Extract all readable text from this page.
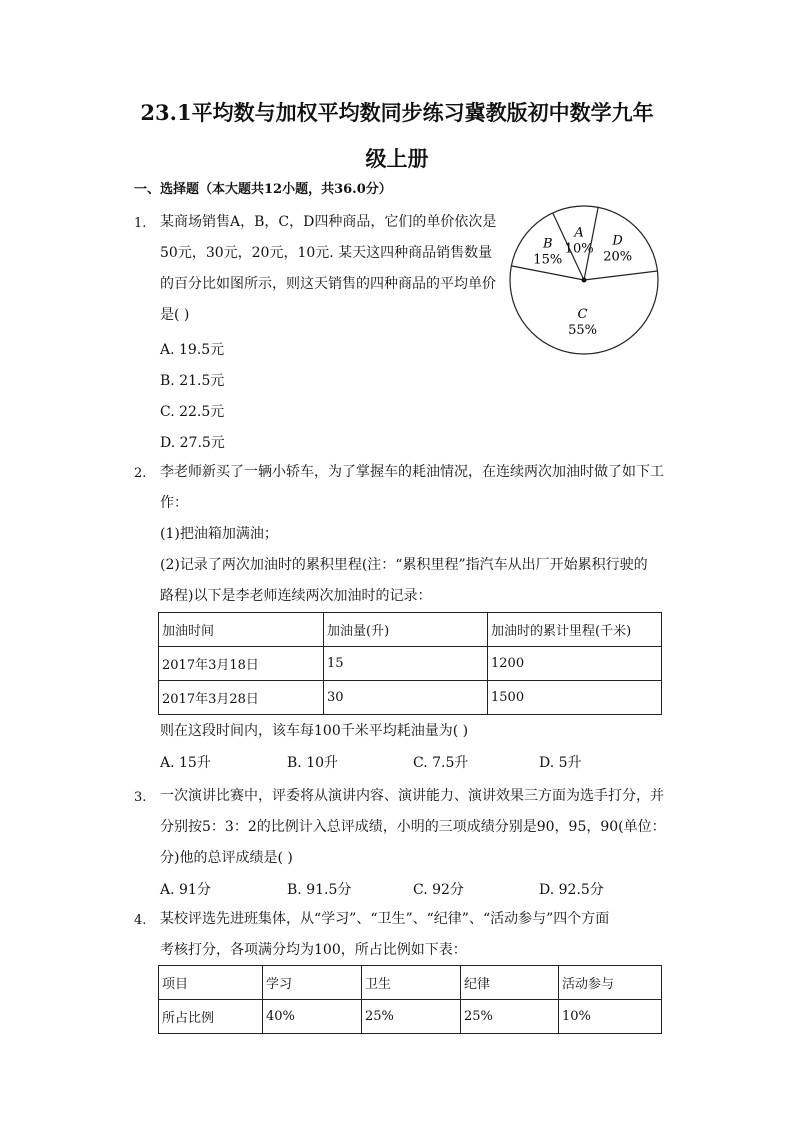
23.1平均数与加权平均数同步练习冀教版初中数学九年
级上册
一、选择题（本大题共12小题，共36.0分）
1. 某商场销售A，B，C，D四种商品，它们的单价依次是
50元，30元，20元，10元. 某天这四种商品销售数量
的百分比如图所示，则这天销售的四种商品的平均单价
是( )
A. 19.5元
B. 21.5元
C. 22.5元
D. 27.5元
A
10%
D
20%
C
55%
B
15%
2. 李老师新买了一辆小轿车，为了掌握车的耗油情况，在连续两次加油时做了如下工
作：
(1)把油箱加满油；
(2)记录了两次加油时的累积里程(注：“累积里程”指汽车从出厂开始累积行驶的
路程)以下是李老师连续两次加油时的记录：
加油时间	加油量(升)	加油时的累计里程(千米)
2017年3月18日	15	1200
2017年3月28日	30	1500
则在这段时间内，该车每100千米平均耗油量为( )
A. 15升	B. 10升	C. 7.5升	D. 5升
3. 一次演讲比赛中，评委将从演讲内容、演讲能力、演讲效果三方面为选手打分，并
分别按5：3：2的比例计入总评成绩，小明的三项成绩分别是90，95，90(单位：
分)他的总评成绩是( )
A. 91分	B. 91.5分	C. 92分	D. 92.5分
4. 某校评选先进班集体，从“学习”、“卫生”、“纪律”、“活动参与”四个方面
考核打分，各项满分均为100，所占比例如下表：
项目	学习	卫生	纪律	活动参与
所占比例	40%	25%	25%	10%
